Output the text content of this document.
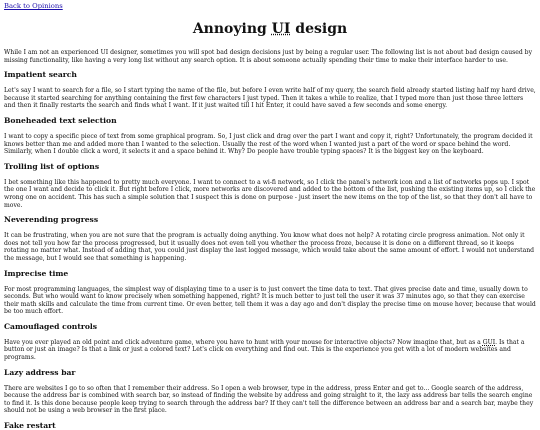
Back to Opinions
Annoying UI design

While I am not an experienced UI designer, sometimes you will spot bad design decisions just by being a regular user. The following list is not about bad design caused by missing functionality, like having a very long list without any search option. It is about someone actually spending their time to make their interface harder to use.

Impatient search

Let's say I want to search for a file, so I start typing the name of the file, but before I even write half of my query, the search field already started listing half my hard drive, because it started searching for anything containing the first few characters I just typed. Then it takes a while to realize, that I typed more than just those three letters and then it finally restarts the search and finds what I want. If it just waited till I hit Enter, it could have saved a few seconds and some energy.

Boneheaded text selection

I want to copy a specific piece of text from some graphical program. So, I just click and drag over the part I want and copy it, right? Unfortunately, the program decided it knows better than me and added more than I wanted to the selection. Usually the rest of the word when I wanted just a part of the word or space behind the word. Similarly, when I double click a word, it selects it and a space behind it. Why? Do people have trouble typing spaces? It is the biggest key on the keyboard.

Trolling list of options

I bet something like this happened to pretty much everyone. I want to connect to a wi-fi network, so I click the panel's network icon and a list of networks pops up. I spot the one I want and decide to click it. But right before I click, more networks are discovered and added to the bottom of the list, pushing the existing items up, so I click the wrong one on accident. This has such a simple solution that I suspect this is done on purpose - just insert the new items on the top of the list, so that they don't all have to move.

Neverending progress

It can be frustrating, when you are not sure that the program is actually doing anything. You know what does not help? A rotating circle progress animation. Not only it does not tell you how far the process progressed, but it usually does not even tell you whether the process froze, because it is done on a different thread, so it keeps rotating no matter what. Instead of adding that, you could just display the last logged message, which would take about the same amount of effort. I would not understand the message, but I would see that something is happening.

Imprecise time

For most programming languages, the simplest way of displaying time to a user is to just convert the time data to text. That gives precise date and time, usually down to seconds. But who would want to know precisely when something happened, right? It is much better to just tell the user it was 37 minutes ago, so that they can exercise their math skills and calculate the time from current time. Or even better, tell them it was a day ago and don't display the precise time on mouse hover, because that would be too much effort.

Camouflaged controls

Have you ever played an old point and click adventure game, where you have to hunt with your mouse for interactive objects? Now imagine that, but as a GUI. Is that a button or just an image? Is that a link or just a colored text? Let's click on everything and find out. This is the experience you get with a lot of modern websites and programs.

Lazy address bar

There are websites I go to so often that I remember their address. So I open a web browser, type in the address, press Enter and get to... Google search of the address, because the address bar is combined with search bar, so instead of finding the website by address and going straight to it, the lazy ass address bar tells the search engine to find it. Is this done because people keep trying to search through the address bar? If they can't tell the difference between an address bar and a search bar, maybe they should not be using a web browser in the first place.

Fake restart
